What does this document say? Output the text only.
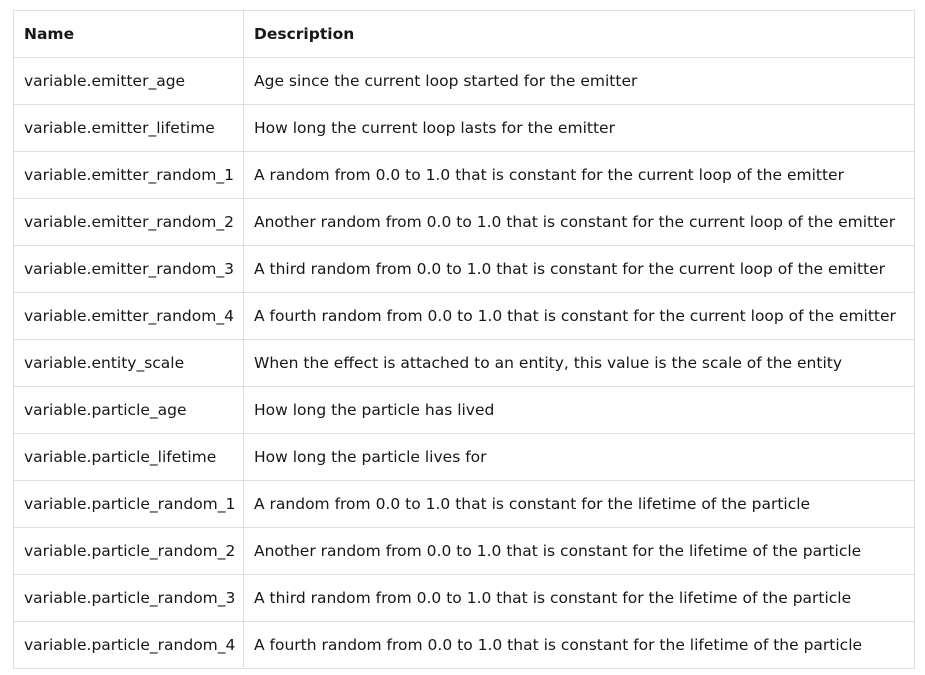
Name	Description
variable.emitter_age	Age since the current loop started for the emitter
variable.emitter_lifetime	How long the current loop lasts for the emitter
variable.emitter_random_1	A random from 0.0 to 1.0 that is constant for the current loop of the emitter
variable.emitter_random_2	Another random from 0.0 to 1.0 that is constant for the current loop of the emitter
variable.emitter_random_3	A third random from 0.0 to 1.0 that is constant for the current loop of the emitter
variable.emitter_random_4	A fourth random from 0.0 to 1.0 that is constant for the current loop of the emitter
variable.entity_scale	When the effect is attached to an entity, this value is the scale of the entity
variable.particle_age	How long the particle has lived
variable.particle_lifetime	How long the particle lives for
variable.particle_random_1	A random from 0.0 to 1.0 that is constant for the lifetime of the particle
variable.particle_random_2	Another random from 0.0 to 1.0 that is constant for the lifetime of the particle
variable.particle_random_3	A third random from 0.0 to 1.0 that is constant for the lifetime of the particle
variable.particle_random_4	A fourth random from 0.0 to 1.0 that is constant for the lifetime of the particle
